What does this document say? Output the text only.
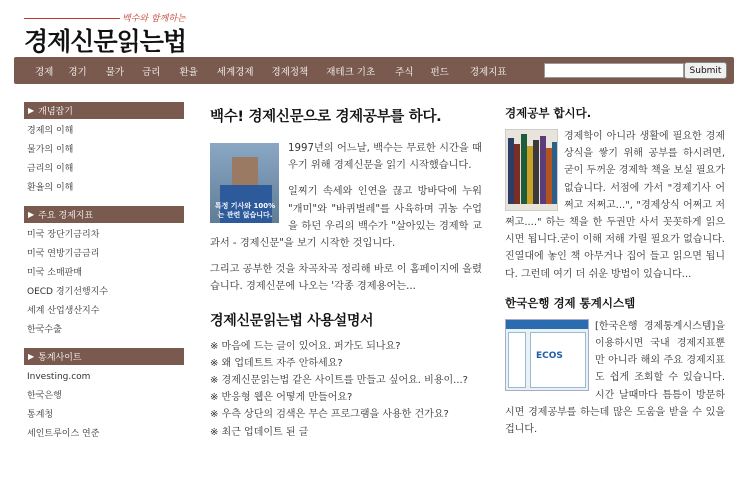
백수와 함께하는
경제신문읽는법
경제 경기 물가 금리 환율 세계경제 경제정책 재테크 기초 주식 펀드 경제지표	Submit
▶ 개념잡기
경제의 이해
물가의 이해
금리의 이해
환율의 이해
▶ 주요 경제지표
미국 장단기금리차
미국 연방기금금리
미국 소매판매
OECD 경기선행지수
세계 산업생산지수
한국수출
▶ 통계사이트
Investing.com
한국은행
통계청
세인트루이스 연준
백수! 경제신문으로 경제공부를 하다.
특정 기사와 100%는 관련 없습니다.

1997년의 어느날, 백수는 무료한 시간을 때우기 위해 경제신문을 읽기 시작했습니다.

일찌기 속세와 인연을 끊고 방바닥에 누워 "개미"와 "바퀴벌레"를 사육하며 귀농 수업을 하던 우리의 백수가 "살아있는 경제학 교과서 - 경제신문"을 보기 시작한 것입니다.

그리고 공부한 것을 차곡차곡 정리해 바로 이 홈페이지에 올렸습니다. 경제신문에 나오는 '각종 경제용어는...

경제신문읽는법 사용설명서
※ 마음에 드는 글이 있어요. 퍼가도 되나요?
※ 왜 업데트트 자주 안하세요?
※ 경제신문읽는법 같은 사이트를 만들고 싶어요. 비용이...?
※ 반응형 웹은 어떻게 만들어요?
※ 우측 상단의 검색은 무슨 프로그램을 사용한 건가요?
※ 최근 업데이트 된 글
경제공부 합시다.
경제학이 아니라 생활에 필요한 경제상식을 쌓기 위해 공부를 하시려면, 굳이 두꺼운 경제학 책을 보실 필요가 없습니다. 서점에 가서 "경제기사 어쩌고 저쩌고...", "경제상식 어쩌고 저쩌고...." 하는 책을 한 두권만 사서 꼿꼿하게 읽으시면 됩니다.굳이 이해 저해 가릴 필요가 없습니다. 진열대에 놓인 책 아무거나 집어 들고 읽으면 됩니다. 그런데 여기 더 쉬운 방법이 있습니다...
한국은행 경제 통계시스템
ECOS
[한국은행 경제통계시스템]을 이용하시면 국내 경제지표뿐만 아니라 해외 주요 경제지표도 쉽게 조회할 수 있습니다. 시간 날때마다 틈틈이 방문하시면 경제공부를 하는데 많은 도움을 받을 수 있을 겁니다.
